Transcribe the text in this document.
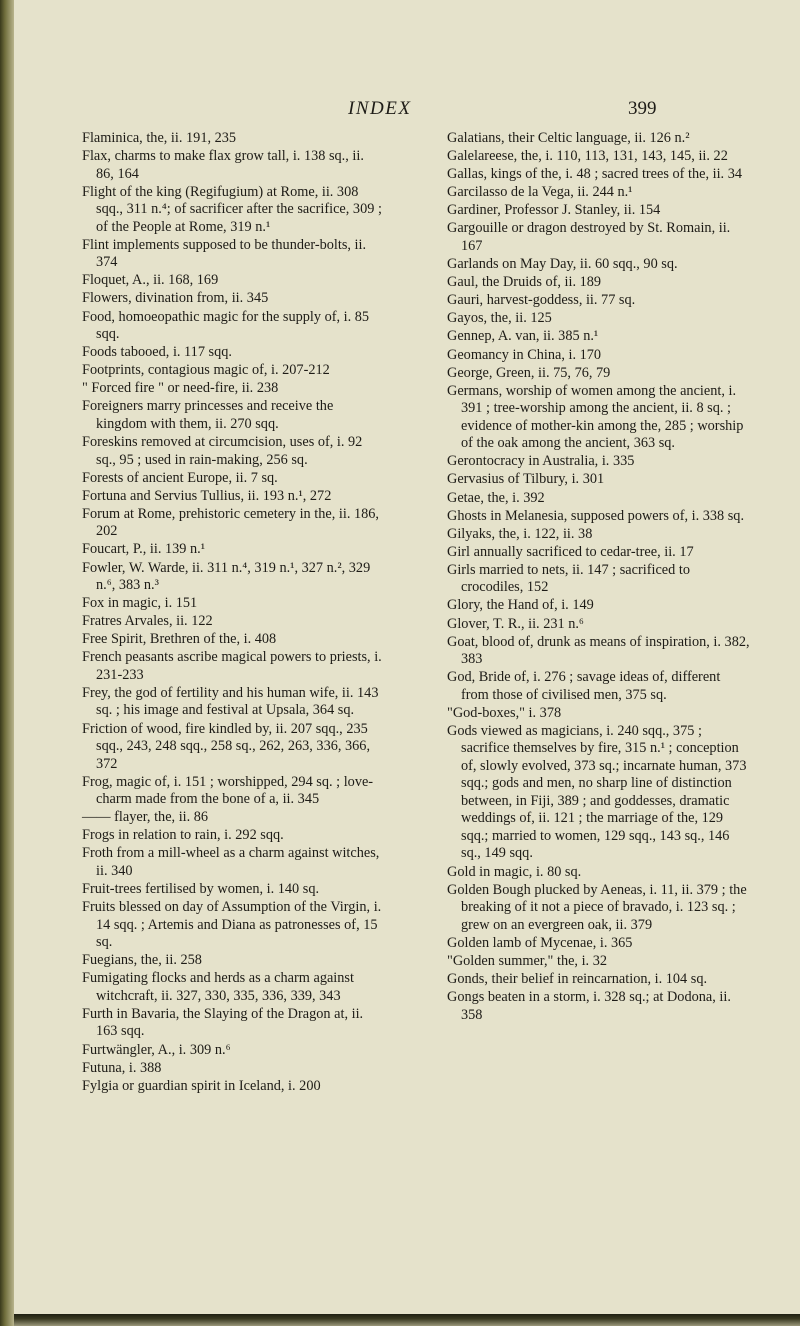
INDEX	399
Flaminica, the, ii. 191, 235
Flax, charms to make flax grow tall, i. 138 sq., ii. 86, 164
Flight of the king (Regifugium) at Rome, ii. 308 sqq., 311 n.⁴; of sacrificer after the sacrifice, 309 ; of the People at Rome, 319 n.¹
Flint implements supposed to be thunder-bolts, ii. 374
Floquet, A., ii. 168, 169
Flowers, divination from, ii. 345
Food, homoeopathic magic for the supply of, i. 85 sqq.
Foods tabooed, i. 117 sqq.
Footprints, contagious magic of, i. 207-212
" Forced fire " or need-fire, ii. 238
Foreigners marry princesses and receive the kingdom with them, ii. 270 sqq.
Foreskins removed at circumcision, uses of, i. 92 sq., 95 ; used in rain-making, 256 sq.
Forests of ancient Europe, ii. 7 sq.
Fortuna and Servius Tullius, ii. 193 n.¹, 272
Forum at Rome, prehistoric cemetery in the, ii. 186, 202
Foucart, P., ii. 139 n.¹
Fowler, W. Warde, ii. 311 n.⁴, 319 n.¹, 327 n.², 329 n.⁶, 383 n.³
Fox in magic, i. 151
Fratres Arvales, ii. 122
Free Spirit, Brethren of the, i. 408
French peasants ascribe magical powers to priests, i. 231-233
Frey, the god of fertility and his human wife, ii. 143 sq. ; his image and festival at Upsala, 364 sq.
Friction of wood, fire kindled by, ii. 207 sqq., 235 sqq., 243, 248 sqq., 258 sq., 262, 263, 336, 366, 372
Frog, magic of, i. 151 ; worshipped, 294 sq. ; love-charm made from the bone of a, ii. 345
—— flayer, the, ii. 86
Frogs in relation to rain, i. 292 sqq.
Froth from a mill-wheel as a charm against witches, ii. 340
Fruit-trees fertilised by women, i. 140 sq.
Fruits blessed on day of Assumption of the Virgin, i. 14 sqq. ; Artemis and Diana as patronesses of, 15 sq.
Fuegians, the, ii. 258
Fumigating flocks and herds as a charm against witchcraft, ii. 327, 330, 335, 336, 339, 343
Furth in Bavaria, the Slaying of the Dragon at, ii. 163 sqq.
Furtwängler, A., i. 309 n.⁶
Futuna, i. 388
Fylgia or guardian spirit in Iceland, i. 200
Galatians, their Celtic language, ii. 126 n.²
Galelareese, the, i. 110, 113, 131, 143, 145, ii. 22
Gallas, kings of the, i. 48 ; sacred trees of the, ii. 34
Garcilasso de la Vega, ii. 244 n.¹
Gardiner, Professor J. Stanley, ii. 154
Gargouille or dragon destroyed by St. Romain, ii. 167
Garlands on May Day, ii. 60 sqq., 90 sq.
Gaul, the Druids of, ii. 189
Gauri, harvest-goddess, ii. 77 sq.
Gayos, the, ii. 125
Gennep, A. van, ii. 385 n.¹
Geomancy in China, i. 170
George, Green, ii. 75, 76, 79
Germans, worship of women among the ancient, i. 391 ; tree-worship among the ancient, ii. 8 sq. ; evidence of mother-kin among the, 285 ; worship of the oak among the ancient, 363 sq.
Gerontocracy in Australia, i. 335
Gervasius of Tilbury, i. 301
Getae, the, i. 392
Ghosts in Melanesia, supposed powers of, i. 338 sq.
Gilyaks, the, i. 122, ii. 38
Girl annually sacrificed to cedar-tree, ii. 17
Girls married to nets, ii. 147 ; sacrificed to crocodiles, 152
Glory, the Hand of, i. 149
Glover, T. R., ii. 231 n.⁶
Goat, blood of, drunk as means of inspiration, i. 382, 383
God, Bride of, i. 276 ; savage ideas of, different from those of civilised men, 375 sq.
"God-boxes," i. 378
Gods viewed as magicians, i. 240 sqq., 375 ; sacrifice themselves by fire, 315 n.¹ ; conception of, slowly evolved, 373 sq.; incarnate human, 373 sqq.; gods and men, no sharp line of distinction between, in Fiji, 389 ; and goddesses, dramatic weddings of, ii. 121 ; the marriage of the, 129 sqq.; married to women, 129 sqq., 143 sq., 146 sq., 149 sqq.
Gold in magic, i. 80 sq.
Golden Bough plucked by Aeneas, i. 11, ii. 379 ; the breaking of it not a piece of bravado, i. 123 sq. ; grew on an evergreen oak, ii. 379
Golden lamb of Mycenae, i. 365
"Golden summer," the, i. 32
Gonds, their belief in reincarnation, i. 104 sq.
Gongs beaten in a storm, i. 328 sq.; at Dodona, ii. 358
